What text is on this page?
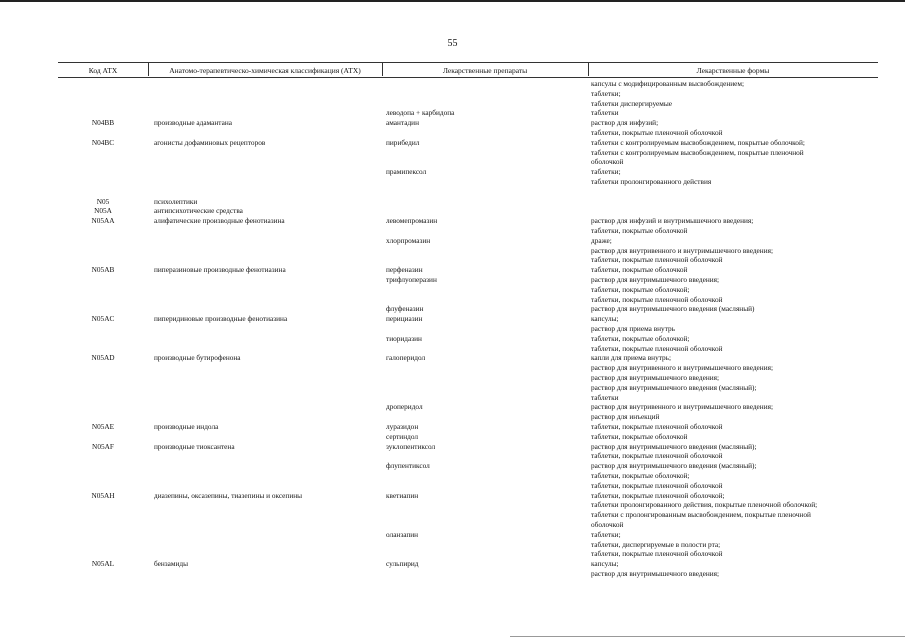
55
Код АТХ	Анатомо-терапевтическо-химическая классификация (АТХ)	Лекарственные препараты	Лекарственные формы
капсулы с модифицированным высвобождением;
таблетки;
таблетки диспергируемые
леводопа + карбидопа	таблетки
N04BB	производные адамантана	амантадин	раствор для инфузий;
таблетки, покрытые пленочной оболочкой
N04BC	агонисты дофаминовых рецепторов	пирибедил	таблетки с контролируемым высвобождением, покрытые оболочкой;
таблетки с контролируемым высвобождением, покрытые пленочной
оболочкой
прамипексол	таблетки;
таблетки пролонгированного действия
N05	психолептики
N05A	антипсихотические средства
N05AA	алифатические производные фенотиазина	левомепромазин	раствор для инфузий и внутримышечного введения;
таблетки, покрытые оболочкой
хлорпромазин	драже;
раствор для внутривенного и внутримышечного введения;
таблетки, покрытые пленочной оболочкой
N05AB	пиперазиновые производные фенотиазина	перфеназин	таблетки, покрытые оболочкой
трифлуоперазин	раствор для внутримышечного введения;
таблетки, покрытые оболочкой;
таблетки, покрытые пленочной оболочкой
флуфеназин	раствор для внутримышечного введения (масляный)
N05AC	пиперидиновые производные фенотиазина	перициазин	капсулы;
раствор для приема внутрь
тиоридазин	таблетки, покрытые оболочкой;
таблетки, покрытые пленочной оболочкой
N05AD	производные бутирофенона	галоперидол	капли для приема внутрь;
раствор для внутривенного и внутримышечного введения;
раствор для внутримышечного введения;
раствор для внутримышечного введения (масляный);
таблетки
дроперидол	раствор для внутривенного и внутримышечного введения;
раствор для инъекций
N05AE	производные индола	луразидон	таблетки, покрытые пленочной оболочкой
сертиндол	таблетки, покрытые оболочкой
N05AF	производные тиоксантена	зуклопентиксол	раствор для внутримышечного введения (масляный);
таблетки, покрытые пленочной оболочкой
флупентиксол	раствор для внутримышечного введения (масляный);
таблетки, покрытые оболочкой;
таблетки, покрытые пленочной оболочкой
N05AH	диазепины, оксазепины, тиазепины и оксепины	кветиапин	таблетки, покрытые пленочной оболочкой;
таблетки пролонгированного действия, покрытые пленочной оболочкой;
таблетки с пролонгированным высвобождением, покрытые пленочной
оболочкой
оланзапин	таблетки;
таблетки, диспергируемые в полости рта;
таблетки, покрытые пленочной оболочкой
N05AL	бензамиды	сульпирид	капсулы;
раствор для внутримышечного введения;
